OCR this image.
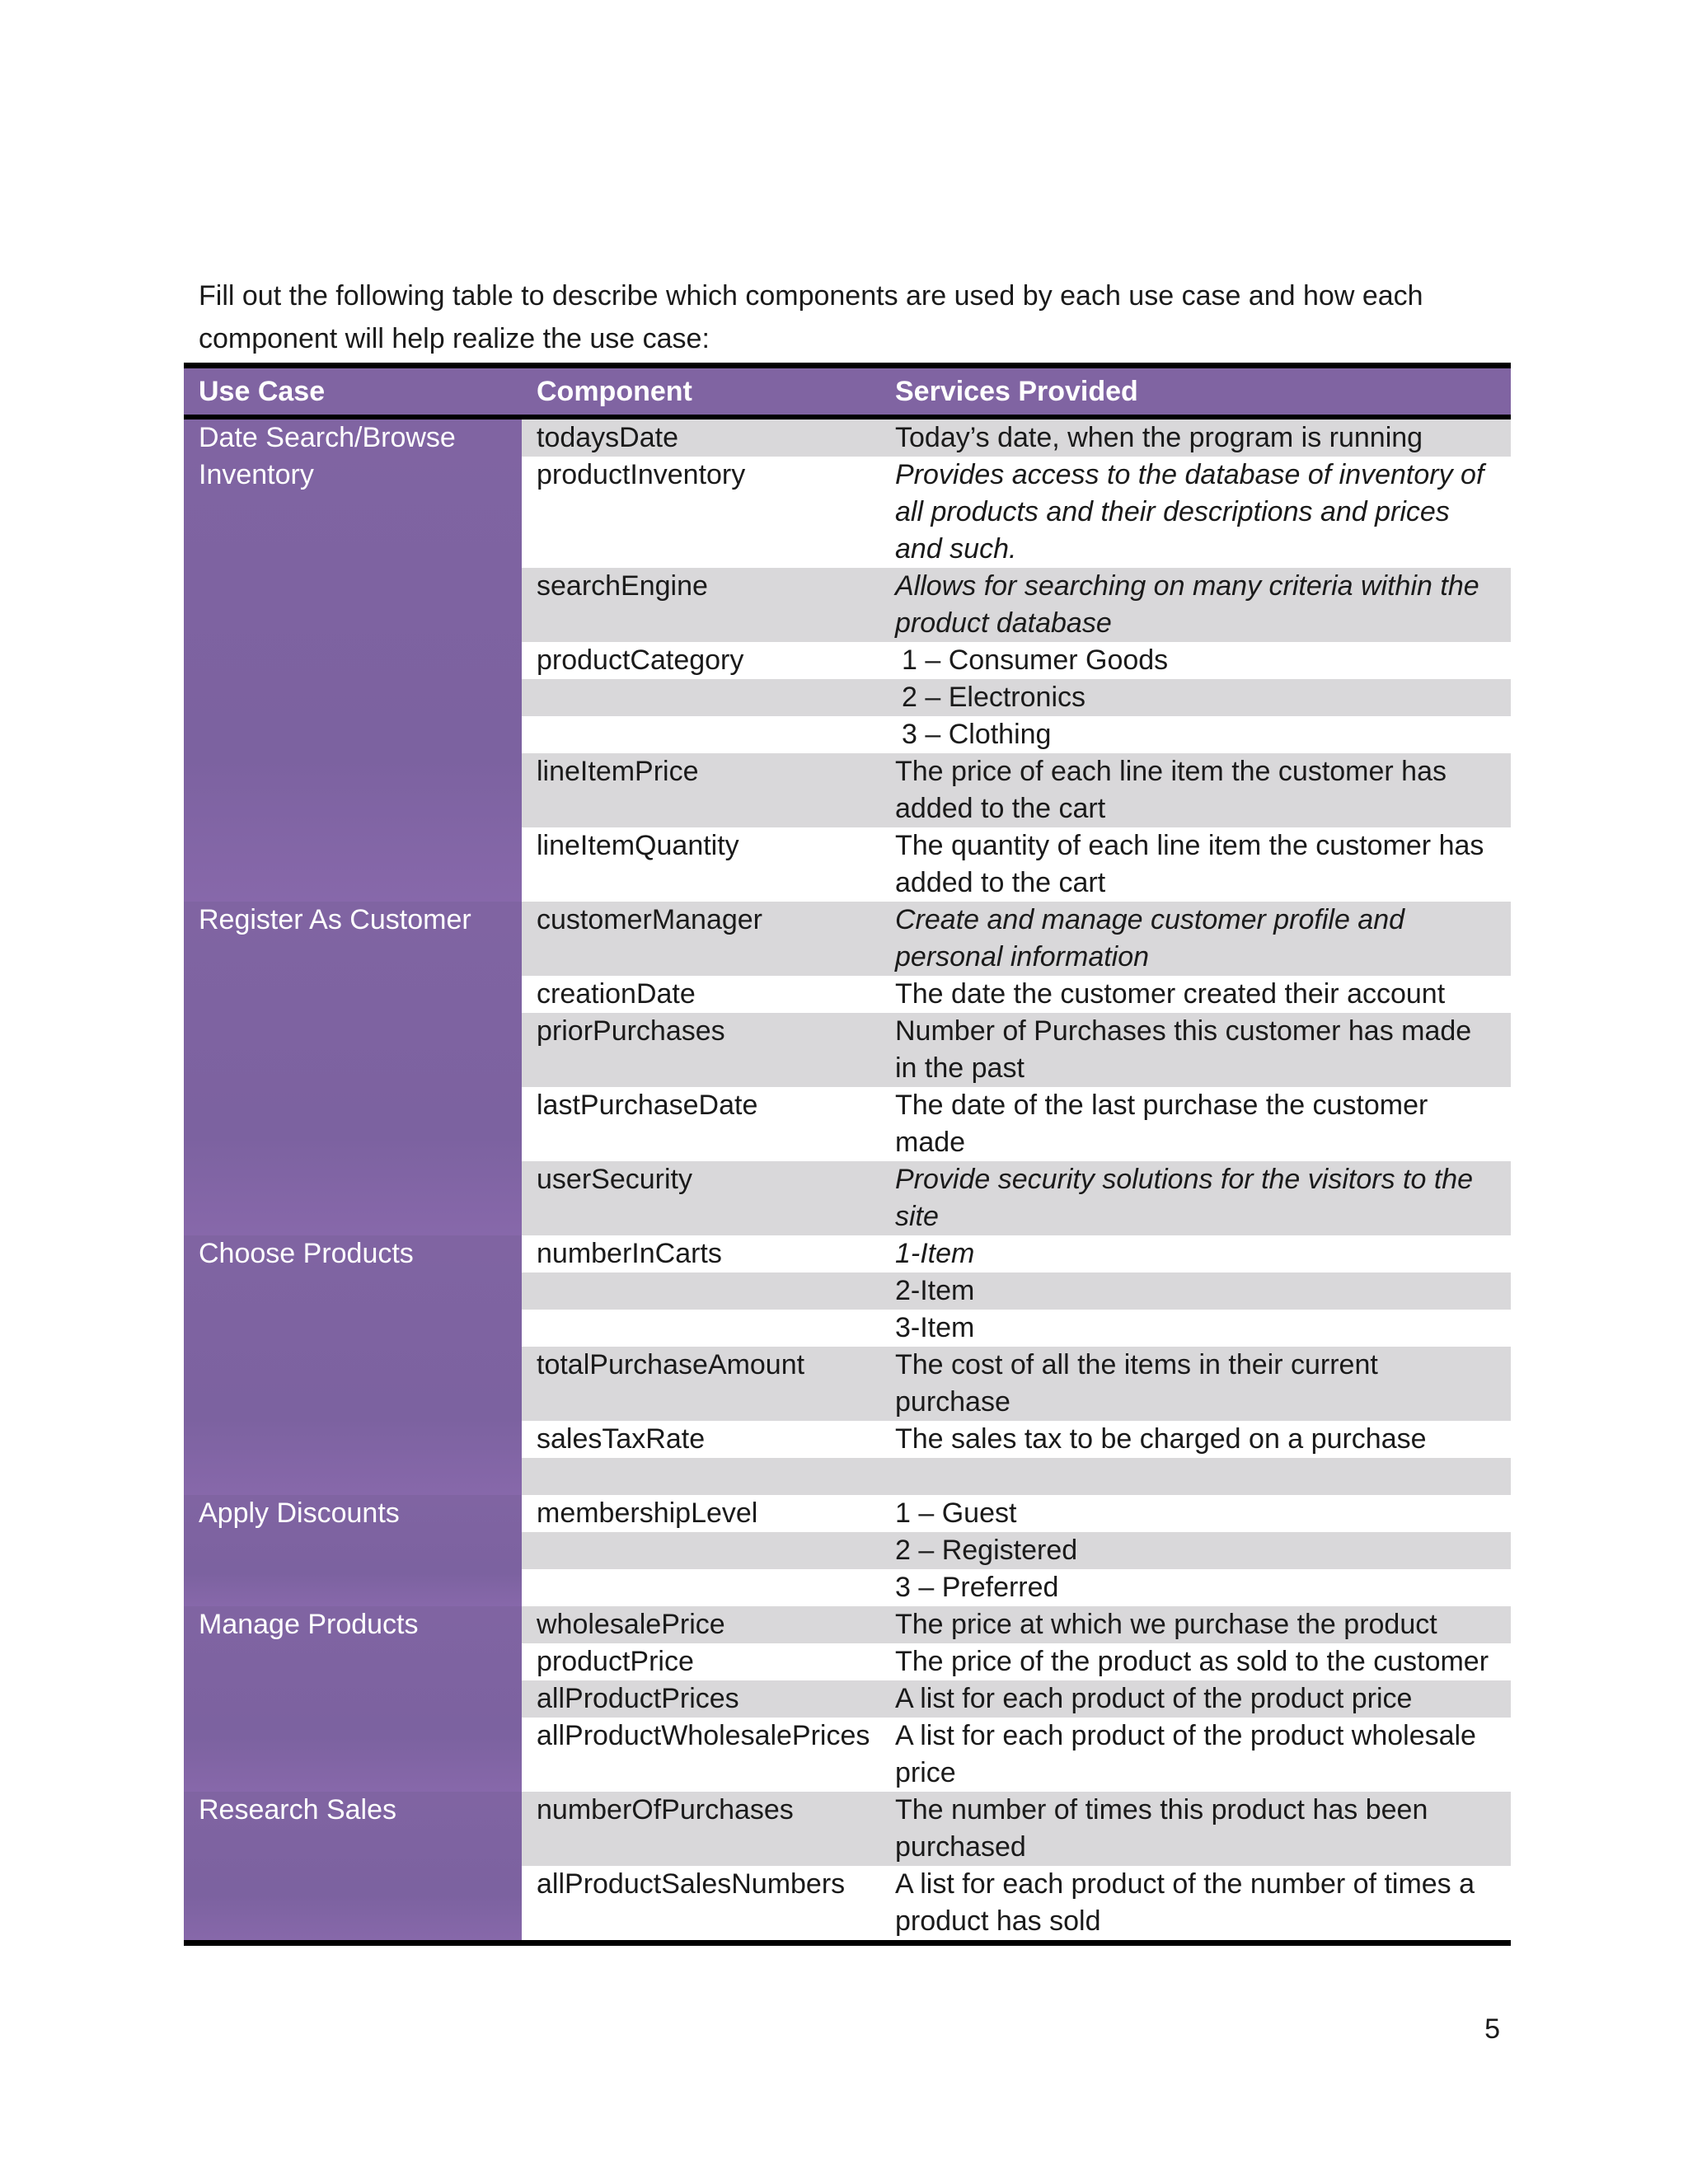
Fill out the following table to describe which components are used by each use case and how each component will help realize the use case:
Use Case	Component	Services Provided
Date Search/Browse Inventory	todaysDate	Today’s date, when the program is running
	productInventory	Provides access to the database of inventory of all products and their descriptions and prices and such.
	searchEngine	Allows for searching on many criteria within the product database
	productCategory	1 – Consumer Goods
		2 – Electronics
		3 – Clothing
	lineItemPrice	The price of each line item the customer has added to the cart
	lineItemQuantity	The quantity of each line item the customer has added to the cart
Register As Customer	customerManager	Create and manage customer profile and personal information
	creationDate	The date the customer created their account
	priorPurchases	Number of Purchases this customer has made in the past
	lastPurchaseDate	The date of the last purchase the customer made
	userSecurity	Provide security solutions for the visitors to the site
Choose Products	numberInCarts	1-Item
		2-Item
		3-Item
	totalPurchaseAmount	The cost of all the items in their current purchase
	salesTaxRate	The sales tax to be charged on a purchase

Apply Discounts	membershipLevel	1 – Guest
		2 – Registered
		3 – Preferred
Manage Products	wholesalePrice	The price at which we purchase the product
	productPrice	The price of the product as sold to the customer
	allProductPrices	A list for each product of the product price
	allProductWholesalePrices	A list for each product of the product wholesale price
Research Sales	numberOfPurchases	The number of times this product has been purchased
	allProductSalesNumbers	A list for each product of the number of times a product has sold
5
